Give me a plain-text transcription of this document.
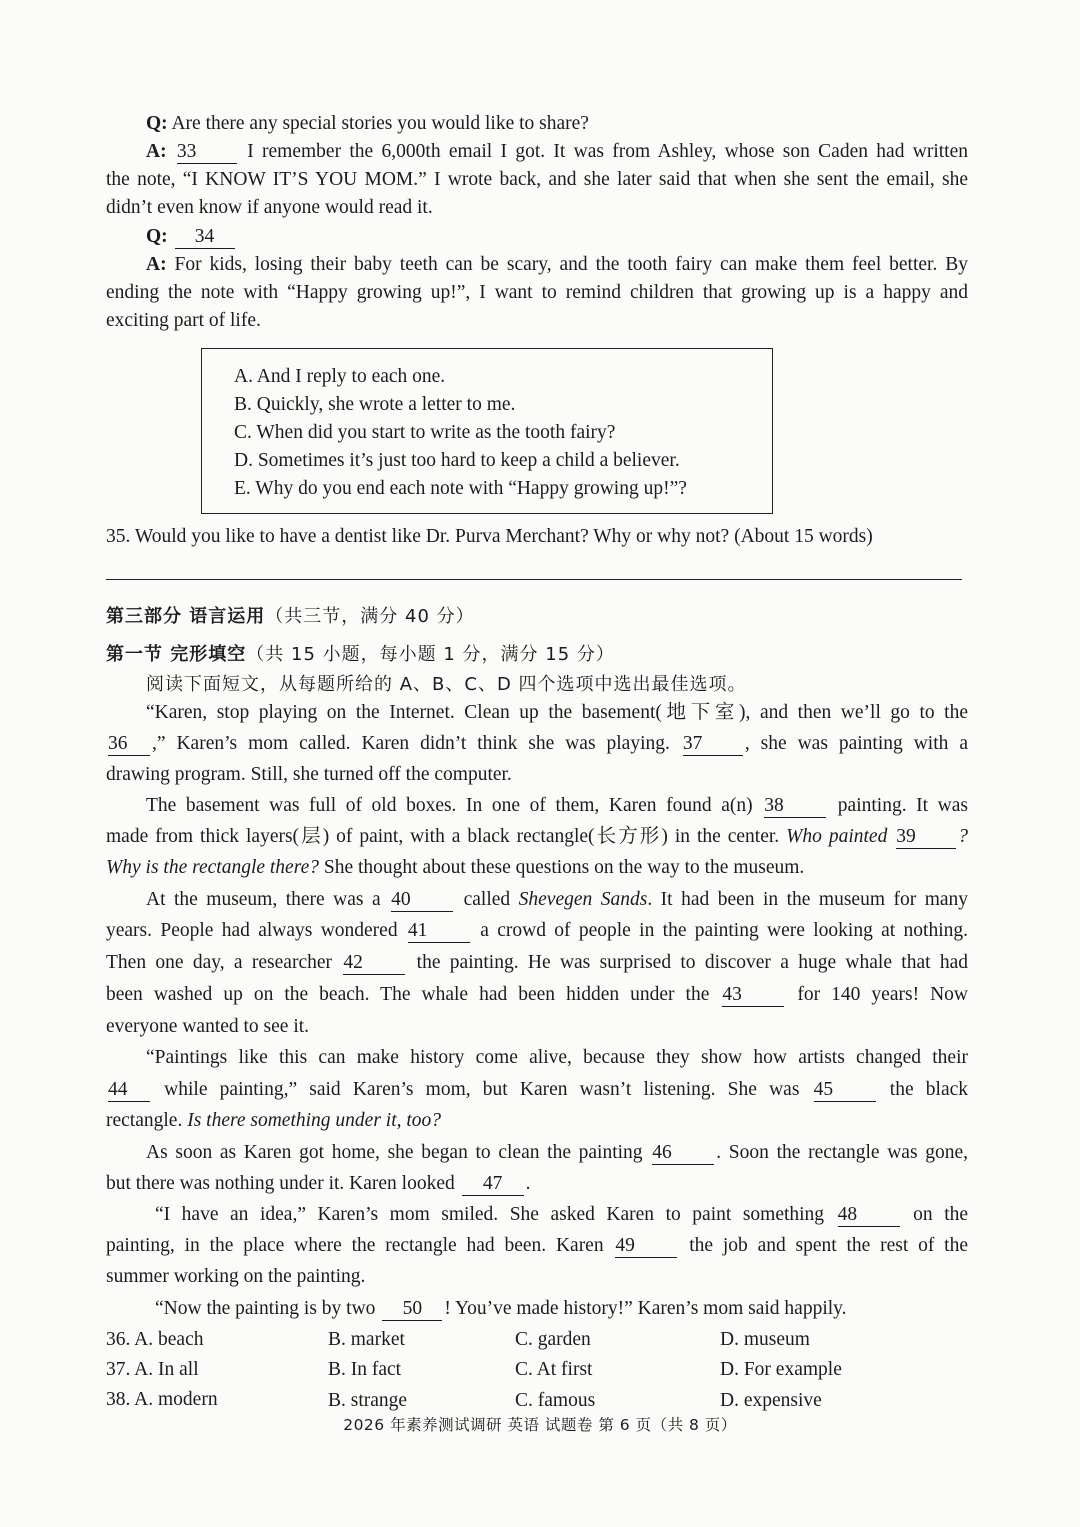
Q: Are there any special stories you would like to share?
A: 33 I remember the 6,000th email I got. It was from Ashley, whose son Caden had written
the note, “I KNOW IT’S YOU MOM.” I wrote back, and she later said that when she sent the email, she
didn’t even know if anyone would read it.
Q: 34
A: For kids, losing their baby teeth can be scary, and the tooth fairy can make them feel better. By
ending the note with “Happy growing up!”, I want to remind children that growing up is a happy and
exciting part of life.
A. And I reply to each one.
B. Quickly, she wrote a letter to me.
C. When did you start to write as the tooth fairy?
D. Sometimes it’s just too hard to keep a child a believer.
E. Why do you end each note with “Happy growing up!”?
35. Would you like to have a dentist like Dr. Purva Merchant? Why or why not? (About 15 words)
第三部分 语言运用（共三节，满分 40 分）
第一节 完形填空（共 15 小题，每小题 1 分，满分 15 分）
阅读下面短文，从每题所给的 A、B、C、D 四个选项中选出最佳选项。
“Karen, stop playing on the Internet. Clean up the basement(地下室), and then we’ll go to the
36 ,” Karen’s mom called. Karen didn’t think she was playing. 37 , she was painting with a
drawing program. Still, she turned off the computer.
The basement was full of old boxes. In one of them, Karen found a(n) 38	painting. It was
made from thick layers(层) of paint, with a black rectangle(长方形) in the center. Who painted 39 ?
Why is the rectangle there? She thought about these questions on the way to the museum.
At the museum, there was a 40	called Shevegen Sands. It had been in the museum for many
years. People had always wondered 41	a crowd of people in the painting were looking at nothing.
Then one day, a researcher 42	the painting. He was surprised to discover a huge whale that had
been washed up on the beach. The whale had been hidden under the 43	for 140 years! Now
everyone wanted to see it.
“Paintings like this can make history come alive, because they show how artists changed their
44 while painting,” said Karen’s mom, but Karen wasn’t listening. She was 45	the black
rectangle. Is there something under it, too?
As soon as Karen got home, she began to clean the painting 46 . Soon the rectangle was gone,
but there was nothing under it. Karen looked 47 .
“I have an idea,” Karen’s mom smiled. She asked Karen to paint something 48	on the
painting, in the place where the rectangle had been. Karen 49	the job and spent the rest of the
summer working on the painting.
“Now the painting is by two 50 ! You’ve made history!” Karen’s mom said happily.
36. A. beach	B. market	C. garden	D. museum
37. A. In all	B. In fact	C. At first	D. For example
38. A. modern	B. strange	C. famous	D. expensive
2026 年素养测试调研 英语 试题卷 第 6 页（共 8 页）
